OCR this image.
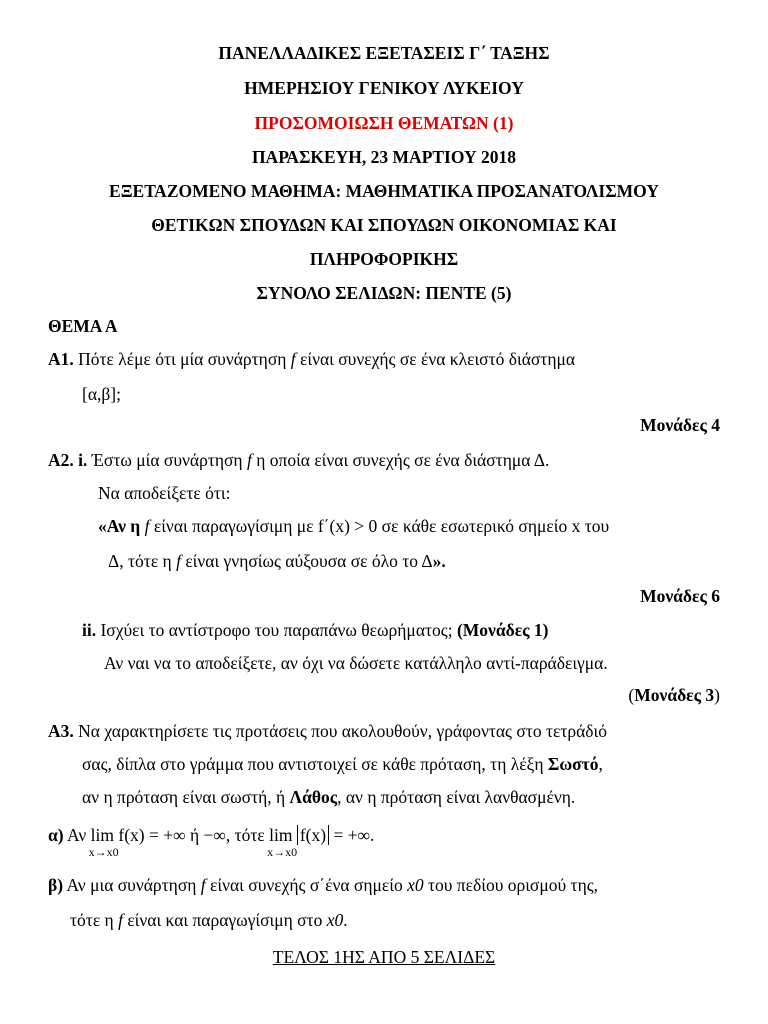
ΠΑΝΕΛΛΑΔΙΚΕΣ ΕΞΕΤΑΣΕΙΣ Γ΄ ΤΑΞΗΣ
ΗΜΕΡΗΣΙΟΥ ΓΕΝΙΚΟΥ ΛΥΚΕΙΟΥ
ΠΡΟΣΟΜΟΙΩΣΗ ΘΕΜΑΤΩΝ (1)
ΠΑΡΑΣΚΕΥΗ, 23 ΜΑΡΤΙΟΥ 2018
ΕΞΕΤΑΖΟΜΕΝΟ ΜΑΘΗΜΑ: ΜΑΘΗΜΑΤΙΚΑ ΠΡΟΣΑΝΑΤΟΛΙΣΜΟΥ
ΘΕΤΙΚΩΝ ΣΠΟΥΔΩΝ ΚΑΙ ΣΠΟΥΔΩΝ ΟΙΚΟΝΟΜΙΑΣ ΚΑΙ
ΠΛΗΡΟΦΟΡΙΚΗΣ
ΣΥΝΟΛΟ ΣΕΛΙΔΩΝ: ΠΕΝΤΕ (5)
ΘΕΜΑ Α
Α1. Πότε λέμε ότι μία συνάρτηση f είναι συνεχής σε ένα κλειστό διάστημα
[α,β];
Μονάδες 4
Α2. i. Έστω μία συνάρτηση f η οποία είναι συνεχής σε ένα διάστημα Δ.
Να αποδείξετε ότι:
«Αν η f είναι παραγωγίσιμη με f΄(x) > 0 σε κάθε εσωτερικό σημείο x του
Δ, τότε η f είναι γνησίως αύξουσα σε όλο το Δ».
Μονάδες 6
ii. Ισχύει το αντίστροφο του παραπάνω θεωρήματος; (Μονάδες 1)
Αν ναι να το αποδείξετε, αν όχι να δώσετε κατάλληλο αντί-παράδειγμα.
(Μονάδες 3)
Α3. Να χαρακτηρίσετε τις προτάσεις που ακολουθούν, γράφοντας στο τετράδιό
σας, δίπλα στο γράμμα που αντιστοιχεί σε κάθε πρόταση, τη λέξη Σωστό,
αν η πρόταση είναι σωστή, ή Λάθος, αν η πρόταση είναι λανθασμένη.
α) Αν lim
x→x0
f(x) = +∞ ή −∞, τότε lim
x→x0
f(x) = +∞.
β) Αν μια συνάρτηση f είναι συνεχής σ΄ένα σημείο x0 του πεδίου ορισμού της,
τότε η f είναι και παραγωγίσιμη στο x0.
ΤΕΛΟΣ 1ΗΣ ΑΠΟ 5 ΣΕΛΙΔΕΣ
